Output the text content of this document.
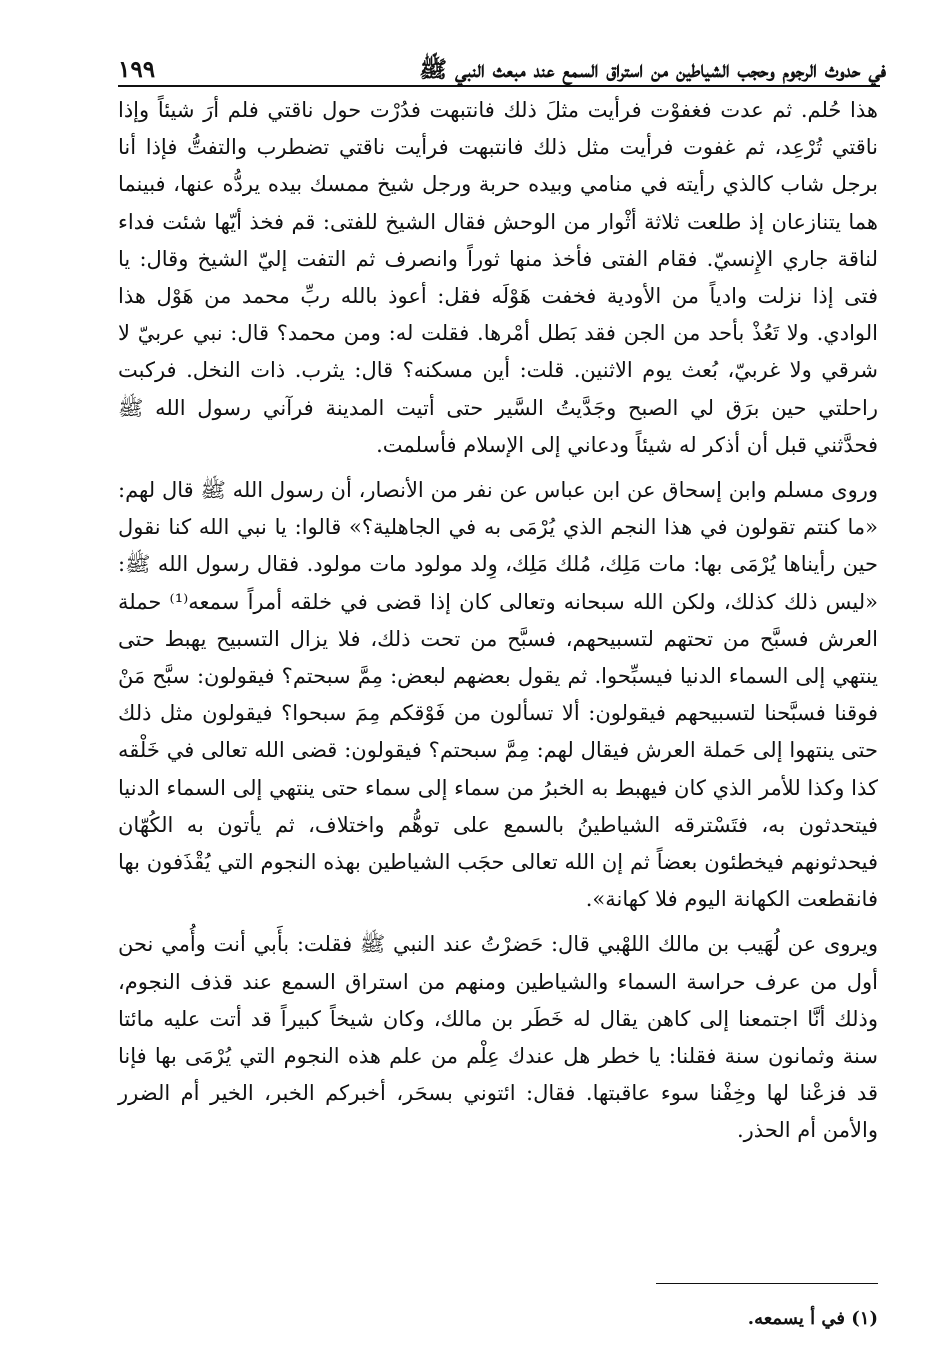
في حدوث الرجوم وحجب الشياطين من استراق السمع عند مبعث النبي ﷺ
١٩٩

هذا حُلم. ثم عدت فغفوْت فرأيت مثلَ ذلك فانتبهت فدُرْت حول ناقتي فلم أرَ شيئاً وإذا ناقتي تُرْعِد، ثم غفوت فرأيت مثل ذلك فانتبهت فرأيت ناقتي تضطرب والتفتُّ فإذا أنا برجل شاب كالذي رأيته في منامي وبيده حربة ورجل شيخ ممسك بيده يردُّه عنها، فبينما هما يتنازعان إذ طلعت ثلاثة أثْوار من الوحش فقال الشيخ للفتى: قم فخذ أيّها شئت فداء لناقة جاري الإِنسيّ. فقام الفتى فأخذ منها ثوراً وانصرف ثم التفت إليّ الشيخ وقال: يا فتى إذا نزلت وادياً من الأودية فخفت هَوْلَه فقل: أعوذ بالله ربِّ محمد من هَوْل هذا الوادي. ولا تَعُذْ بأحد من الجن فقد بَطل أمْرها. فقلت له: ومن محمد؟ قال: نبي عربيّ لا شرقي ولا غربيّ، بُعث يوم الاثنين. قلت: أين مسكنه؟ قال: يثرب. ذات النخل. فركبت راحلتي حين برَق لي الصبح وجَدَّيتُ السَّير حتى أتيت المدينة فرآني رسول الله ﷺ فحدَّثني قبل أن أذكر له شيئاً ودعاني إلى الإسلام فأسلمت.

وروى مسلم وابن إسحاق عن ابن عباس عن نفر من الأنصار، أن رسول الله ﷺ قال لهم: «ما كنتم تقولون في هذا النجم الذي يُرْمَى به في الجاهلية؟» قالوا: يا نبي الله كنا نقول حين رأيناها يُرْمَى بها: مات مَلِك، مُلك مَلِك، وِلد مولود مات مولود. فقال رسول الله ﷺ: «ليس ذلك كذلك، ولكن الله سبحانه وتعالى كان إذا قضى في خلقه أمراً سمعه⁽¹⁾ حملة العرش فسبَّح من تحتهم لتسبيحهم، فسبَّح من تحت ذلك، فلا يزال التسبيح يهبط حتى ينتهي إلى السماء الدنيا فيسبِّحوا. ثم يقول بعضهم لبعض: مِمَّ سبحتم؟ فيقولون: سبَّح مَنْ فوقنا فسبَّحنا لتسبيحهم فيقولون: ألا تسألون من فَوْقكم مِمَ سبحوا؟ فيقولون مثل ذلك حتى ينتهوا إلى حَملة العرش فيقال لهم: مِمَّ سبحتم؟ فيقولون: قضى الله تعالى في خَلْقه كذا وكذا للأمر الذي كان فيهبط به الخبرُ من سماء إلى سماء حتى ينتهي إلى السماء الدنيا فيتحدثون به، فتَسْترقه الشياطينُ بالسمع على توهُّم واختلاف، ثم يأتون به الكُهّان فيحدثونهم فيخطئون بعضاً ثم إن الله تعالى حجَب الشياطين بهذه النجوم التي يُقْذَفون بها فانقطعت الكهانة اليوم فلا كهانة».

ويروى عن لُهَيب بن مالك اللهْبي قال: حَضرْتُ عند النبي ﷺ فقلت: بأَبي أنت وأُمي نحن أول من عرف حراسة السماء والشياطين ومنهم من استراق السمع عند قذف النجوم، وذلك أنَّا اجتمعنا إلى كاهن يقال له خَطَر بن مالك، وكان شيخاً كبيراً قد أتت عليه مائتا سنة وثمانون سنة فقلنا: يا خطر هل عندك عِلْم من علم هذه النجوم التي يُرْمَى بها فإنا قد فزعْنا لها وخِفْنا سوء عاقبتها. فقال: ائتوني بسحَر، أخبركم الخبر، الخير أم الضرر والأمن أم الحذر.

(١) في أ يسمعه.
